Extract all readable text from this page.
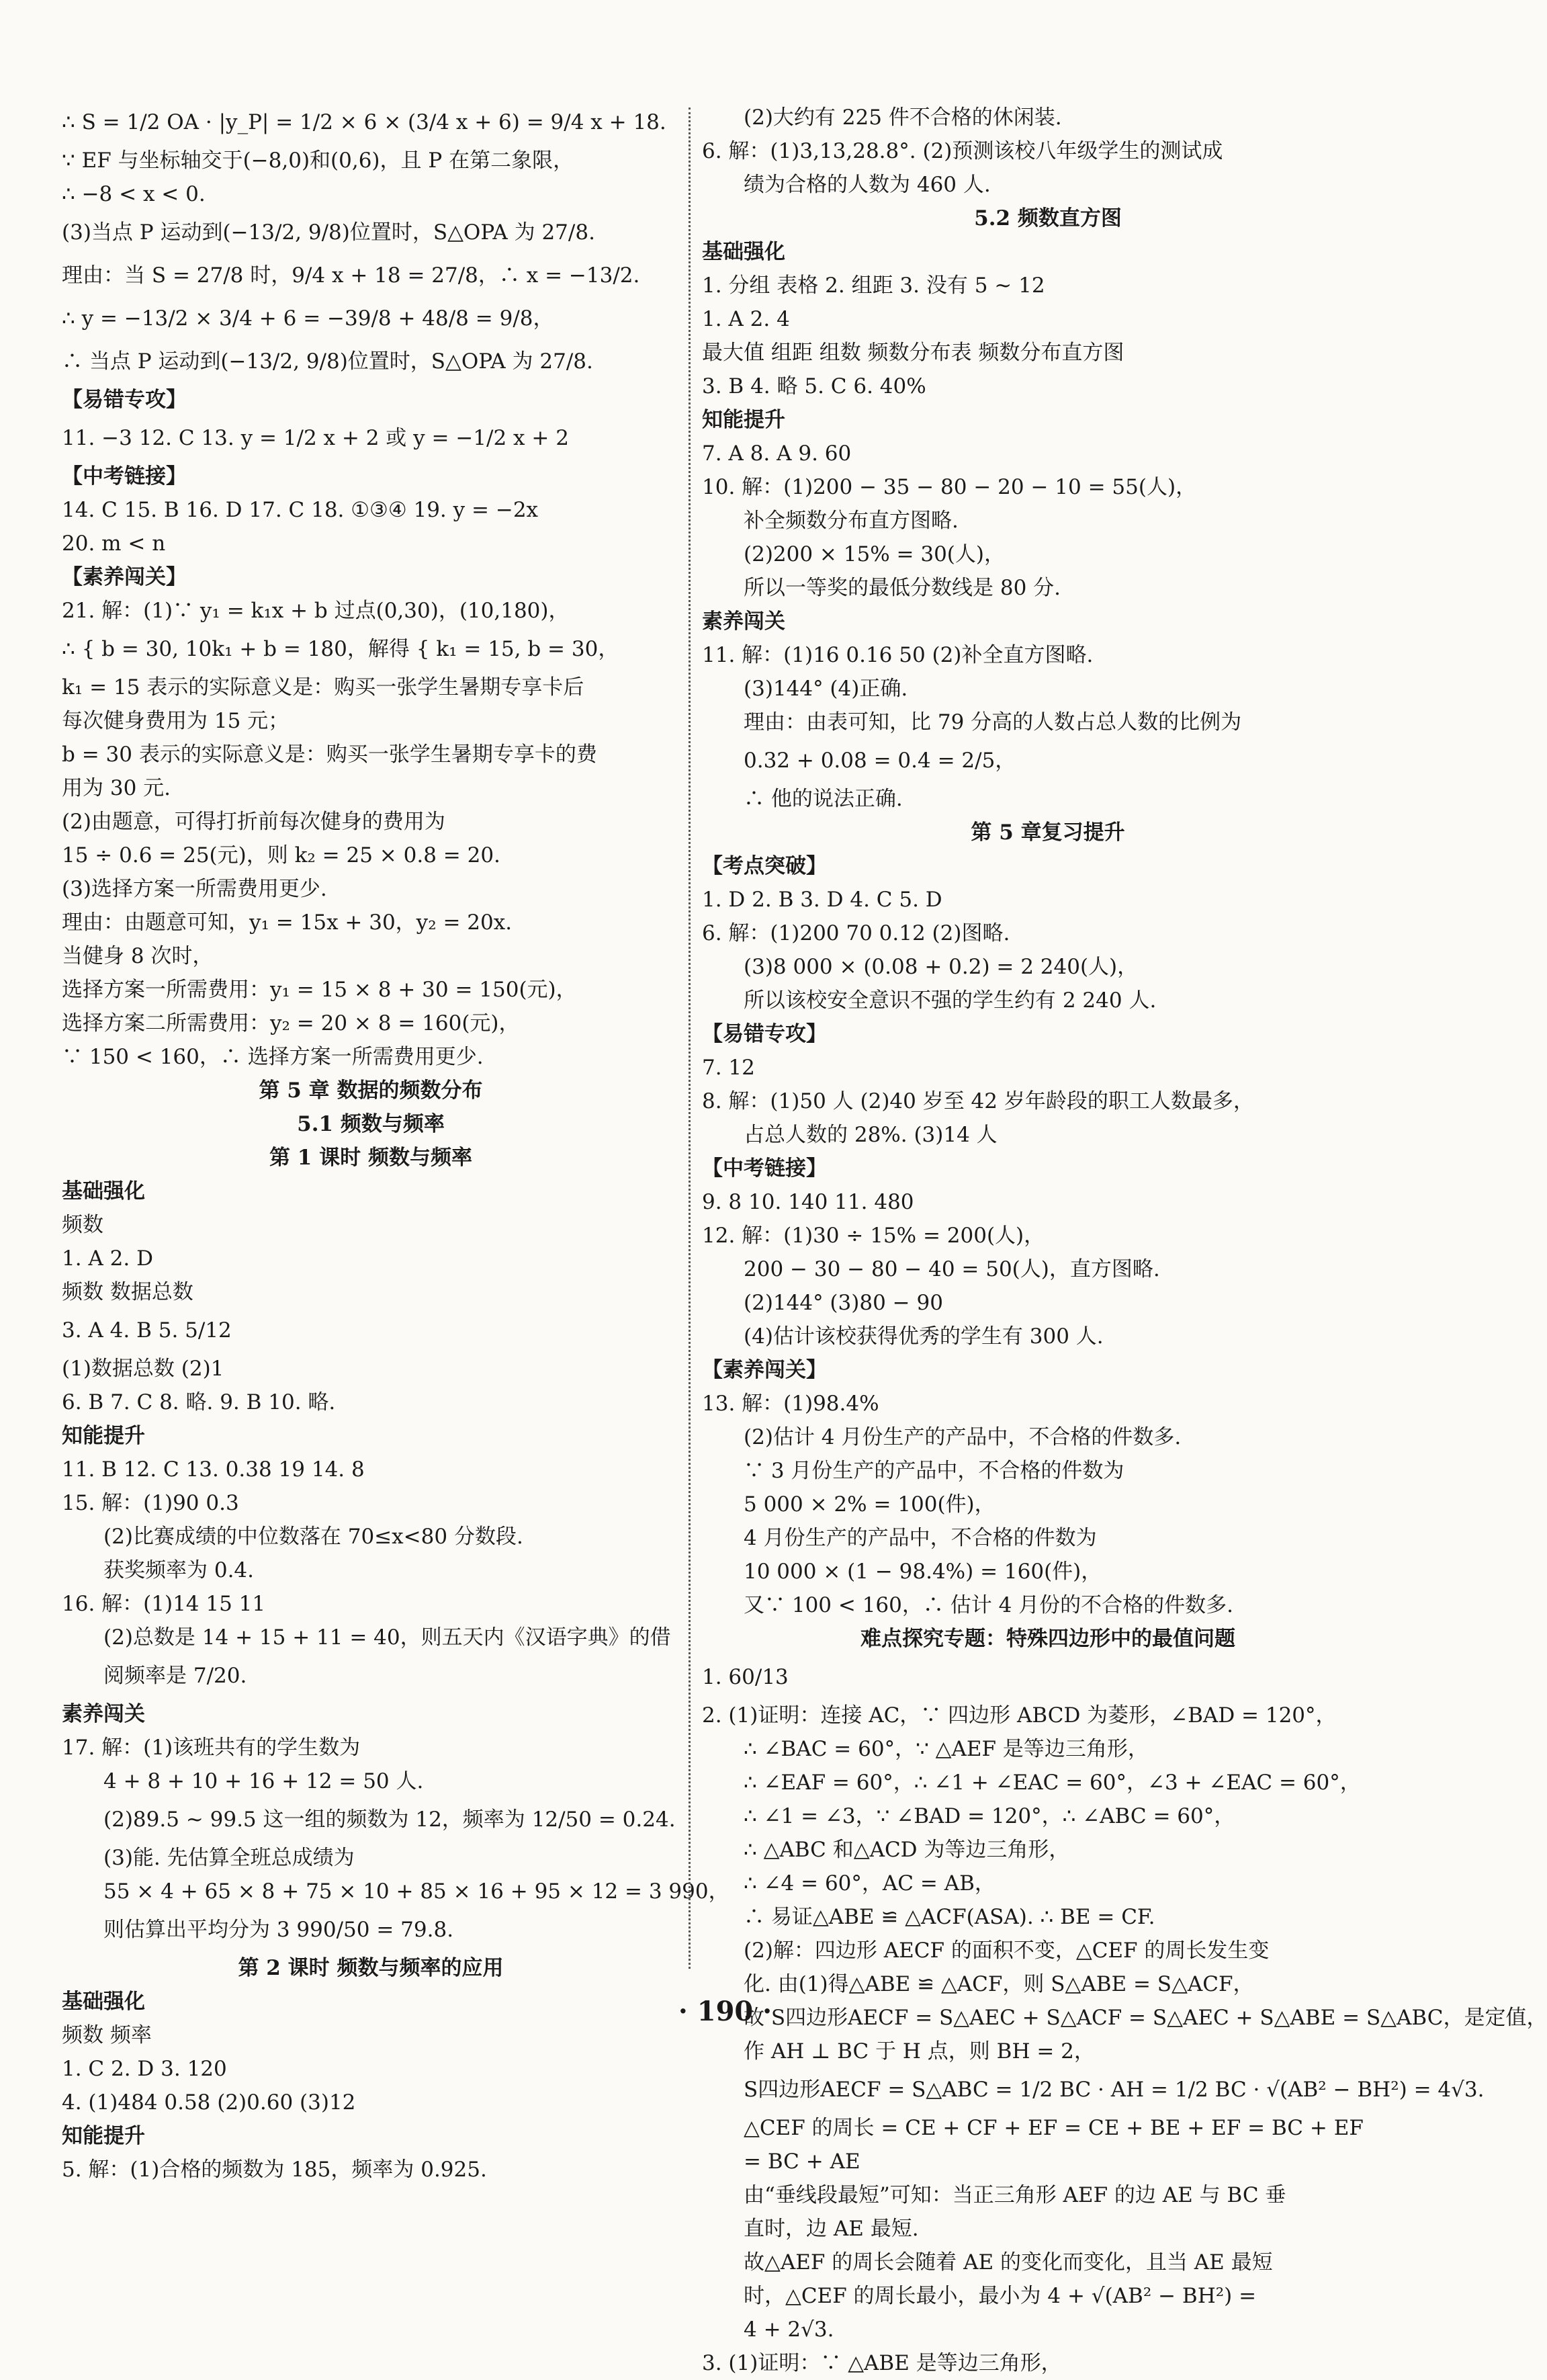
∴ S = 1/2 OA · |y_P| = 1/2 × 6 × (3/4 x + 6) = 9/4 x + 18.
∵ EF 与坐标轴交于(−8,0)和(0,6)，且 P 在第二象限，
∴ −8 < x < 0.
(3)当点 P 运动到(−13/2, 9/8)位置时，S△OPA 为 27/8.
理由：当 S = 27/8 时，9/4 x + 18 = 27/8，∴ x = −13/2.
∴ y = −13/2 × 3/4 + 6 = −39/8 + 48/8 = 9/8，
∴ 当点 P 运动到(−13/2, 9/8)位置时，S△OPA 为 27/8.
【易错专攻】
11. −3 12. C 13. y = 1/2 x + 2 或 y = −1/2 x + 2
【中考链接】
14. C 15. B 16. D 17. C 18. ①③④ 19. y = −2x
20. m < n
【素养闯关】
21. 解：(1)∵ y₁ = k₁x + b 过点(0,30)，(10,180)，
∴ { b = 30, 10k₁ + b = 180，解得 { k₁ = 15, b = 30，
k₁ = 15 表示的实际意义是：购买一张学生暑期专享卡后
每次健身费用为 15 元；
b = 30 表示的实际意义是：购买一张学生暑期专享卡的费
用为 30 元.
(2)由题意，可得打折前每次健身的费用为
15 ÷ 0.6 = 25(元)，则 k₂ = 25 × 0.8 = 20.
(3)选择方案一所需费用更少.
理由：由题意可知，y₁ = 15x + 30，y₂ = 20x.
当健身 8 次时，
选择方案一所需费用：y₁ = 15 × 8 + 30 = 150(元)，
选择方案二所需费用：y₂ = 20 × 8 = 160(元)，
∵ 150 < 160，∴ 选择方案一所需费用更少.
第 5 章 数据的频数分布
5.1 频数与频率
第 1 课时 频数与频率
基础强化
频数
1. A 2. D
频数 数据总数
3. A 4. B 5. 5/12
(1)数据总数 (2)1
6. B 7. C 8. 略. 9. B 10. 略.
知能提升
11. B 12. C 13. 0.38 19 14. 8
15. 解：(1)90 0.3
(2)比赛成绩的中位数落在 70≤x<80 分数段.
获奖频率为 0.4.
16. 解：(1)14 15 11
(2)总数是 14 + 15 + 11 = 40，则五天内《汉语字典》的借
阅频率是 7/20.
素养闯关
17. 解：(1)该班共有的学生数为
4 + 8 + 10 + 16 + 12 = 50 人.
(2)89.5 ~ 99.5 这一组的频数为 12，频率为 12/50 = 0.24.
(3)能. 先估算全班总成绩为
55 × 4 + 65 × 8 + 75 × 10 + 85 × 16 + 95 × 12 = 3 990，
则估算出平均分为 3 990/50 = 79.8.
第 2 课时 频数与频率的应用
基础强化
频数 频率
1. C 2. D 3. 120
4. (1)484 0.58 (2)0.60 (3)12
知能提升
5. 解：(1)合格的频数为 185，频率为 0.925.
(2)大约有 225 件不合格的休闲装.
6. 解：(1)3,13,28.8°. (2)预测该校八年级学生的测试成
绩为合格的人数为 460 人.
5.2 频数直方图
基础强化
1. 分组 表格 2. 组距 3. 没有 5 ~ 12
1. A 2. 4
最大值 组距 组数 频数分布表 频数分布直方图
3. B 4. 略 5. C 6. 40%
知能提升
7. A 8. A 9. 60
10. 解：(1)200 − 35 − 80 − 20 − 10 = 55(人)，
补全频数分布直方图略.
(2)200 × 15% = 30(人)，
所以一等奖的最低分数线是 80 分.
素养闯关
11. 解：(1)16 0.16 50 (2)补全直方图略.
(3)144° (4)正确.
理由：由表可知，比 79 分高的人数占总人数的比例为
0.32 + 0.08 = 0.4 = 2/5，
∴ 他的说法正确.
第 5 章复习提升
【考点突破】
1. D 2. B 3. D 4. C 5. D
6. 解：(1)200 70 0.12 (2)图略.
(3)8 000 × (0.08 + 0.2) = 2 240(人)，
所以该校安全意识不强的学生约有 2 240 人.
【易错专攻】
7. 12
8. 解：(1)50 人 (2)40 岁至 42 岁年龄段的职工人数最多，
占总人数的 28%. (3)14 人
【中考链接】
9. 8 10. 140 11. 480
12. 解：(1)30 ÷ 15% = 200(人)，
200 − 30 − 80 − 40 = 50(人)，直方图略.
(2)144° (3)80 − 90
(4)估计该校获得优秀的学生有 300 人.
【素养闯关】
13. 解：(1)98.4%
(2)估计 4 月份生产的产品中，不合格的件数多.
∵ 3 月份生产的产品中，不合格的件数为
5 000 × 2% = 100(件)，
4 月份生产的产品中，不合格的件数为
10 000 × (1 − 98.4%) = 160(件)，
又∵ 100 < 160，∴ 估计 4 月份的不合格的件数多.
难点探究专题：特殊四边形中的最值问题
1. 60/13
2. (1)证明：连接 AC，∵ 四边形 ABCD 为菱形，∠BAD = 120°，
∴ ∠BAC = 60°，∵ △AEF 是等边三角形，
∴ ∠EAF = 60°，∴ ∠1 + ∠EAC = 60°，∠3 + ∠EAC = 60°，
∴ ∠1 = ∠3，∵ ∠BAD = 120°，∴ ∠ABC = 60°，
∴ △ABC 和△ACD 为等边三角形，
∴ ∠4 = 60°，AC = AB，
∴ 易证△ABE ≌ △ACF(ASA). ∴ BE = CF.
(2)解：四边形 AECF 的面积不变，△CEF 的周长发生变
化. 由(1)得△ABE ≌ △ACF，则 S△ABE = S△ACF，
故 S四边形AECF = S△AEC + S△ACF = S△AEC + S△ABE = S△ABC，是定值，
作 AH ⊥ BC 于 H 点，则 BH = 2，
S四边形AECF = S△ABC = 1/2 BC · AH = 1/2 BC · √(AB² − BH²) = 4√3.
△CEF 的周长 = CE + CF + EF = CE + BE + EF = BC + EF
= BC + AE
由“垂线段最短”可知：当正三角形 AEF 的边 AE 与 BC 垂
直时，边 AE 最短.
故△AEF 的周长会随着 AE 的变化而变化，且当 AE 最短
时，△CEF 的周长最小，最小为 4 + √(AB² − BH²) =
4 + 2√3.
3. (1)证明：∵ △ABE 是等边三角形，
· 190 ·
